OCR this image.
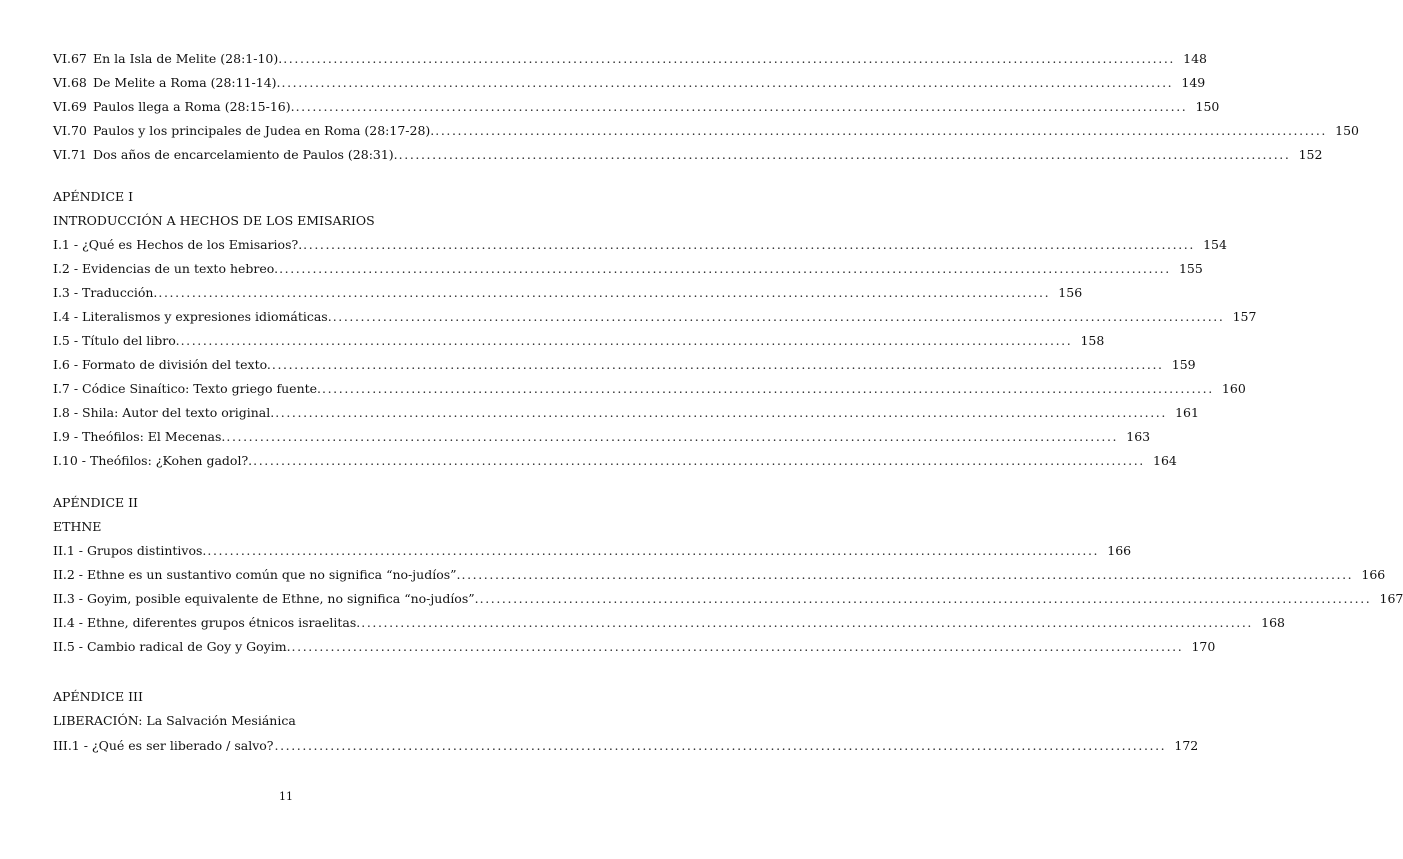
VI.67 En la Isla de Melite (28:1-10). ................................................................................................................................................................ 148
VI.68 De Melite a Roma (28:11-14). ................................................................................................................................................................ 149
VI.69 Paulos llega a Roma (28:15-16). ................................................................................................................................................................ 150
VI.70 Paulos y los principales de Judea en Roma (28:17-28). ................................................................................................................................................................ 150
VI.71 Dos años de encarcelamiento de Paulos (28:31). ................................................................................................................................................................ 152
APÉNDICE I
INTRODUCCIÓN A HECHOS DE LOS EMISARIOS
I.1 - ¿Qué es Hechos de los Emisarios?. ................................................................................................................................................................ 154
I.2 - Evidencias de un texto hebreo. ................................................................................................................................................................ 155
I.3 - Traducción. ................................................................................................................................................................ 156
I.4 - Literalismos y expresiones idiomáticas. ................................................................................................................................................................ 157
I.5 - Título del libro. ................................................................................................................................................................ 158
I.6 - Formato de división del texto. ................................................................................................................................................................ 159
I.7 - Códice Sinaítico: Texto griego fuente. ................................................................................................................................................................ 160
I.8 - Shila: Autor del texto original. ................................................................................................................................................................ 161
I.9 - Theófilos: El Mecenas. ................................................................................................................................................................ 163
I.10 - Theófilos: ¿Kohen gadol?. ................................................................................................................................................................ 164
APÉNDICE II
ETHNE
II.1 - Grupos distintivos. ................................................................................................................................................................ 166
II.2 - Ethne es un sustantivo común que no significa “no-judíos”. ................................................................................................................................................................ 166
II.3 - Goyim, posible equivalente de Ethne, no significa “no-judíos”. ................................................................................................................................................................ 167
II.4 - Ethne, diferentes grupos étnicos israelitas. ................................................................................................................................................................ 168
II.5 - Cambio radical de Goy y Goyim. ................................................................................................................................................................ 170
APÉNDICE III
LIBERACIÓN: La Salvación Mesiánica
III.1 - ¿Qué es ser liberado / salvo? ................................................................................................................................................................ 172
11
